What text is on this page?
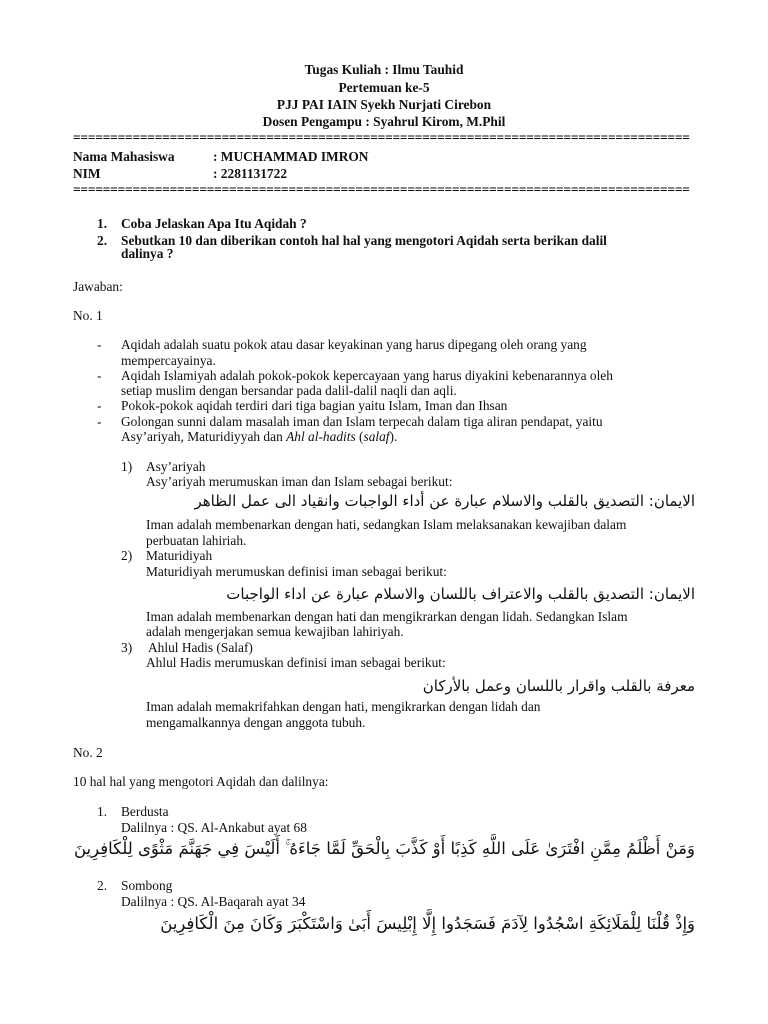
Tugas Kuliah : Ilmu Tauhid
Pertemuan ke-5
PJJ PAI IAIN Syekh Nurjati Cirebon
Dosen Pengampu : Syahrul Kirom, M.Phil
===================================================================================
Nama Mahasiswa	: MUCHAMMAD IMRON
NIM	: 2281131722
===================================================================================
1. Coba Jelaskan Apa Itu Aqidah ?
2. Sebutkan 10 dan diberikan contoh hal hal yang mengotori Aqidah serta berikan dalil
dalinya ?
Jawaban:
No. 1
- Aqidah adalah suatu pokok atau dasar keyakinan yang harus dipegang oleh orang yang
mempercayainya.
- Aqidah Islamiyah adalah pokok-pokok kepercayaan yang harus diyakini kebenarannya oleh
setiap muslim dengan bersandar pada dalil-dalil naqli dan aqli.
- Pokok-pokok aqidah terdiri dari tiga bagian yaitu Islam, Iman dan Ihsan
- Golongan sunni dalam masalah iman dan Islam terpecah dalam tiga aliran pendapat, yaitu
Asy’ariyah, Maturidiyyah dan Ahl al-hadits (salaf).
1) Asy’ariyah
Asy’ariyah merumuskan iman dan Islam sebagai berikut:
الايمان: التصديق بالقلب والاسلام عبارة عن أداء الواجبات وانقياد الى عمل الظاهر
Iman adalah membenarkan dengan hati, sedangkan Islam melaksanakan kewajiban dalam
perbuatan lahiriah.
2) Maturidiyah
Maturidiyah merumuskan definisi iman sebagai berikut:
الايمان: التصديق بالقلب والاعتراف باللسان والاسلام عبارة عن اداء الواجبات
Iman adalah membenarkan dengan hati dan mengikrarkan dengan lidah. Sedangkan Islam
adalah mengerjakan semua kewajiban lahiriyah.
3) Ahlul Hadis (Salaf)
Ahlul Hadis merumuskan definisi iman sebagai berikut:
معرفة بالقلب واقرار باللسان وعمل بالأركان
Iman adalah memakrifahkan dengan hati, mengikrarkan dengan lidah dan
mengamalkannya dengan anggota tubuh.
No. 2
10 hal hal yang mengotori Aqidah dan dalilnya:
1. Berdusta
Dalilnya : QS. Al-Ankabut ayat 68
وَمَنْ أَظْلَمُ مِمَّنِ افْتَرَىٰ عَلَى اللَّهِ كَذِبًا أَوْ كَذَّبَ بِالْحَقِّ لَمَّا جَاءَهُ ۚ أَلَيْسَ فِي جَهَنَّمَ مَثْوًى لِلْكَافِرِينَ
2. Sombong
Dalilnya : QS. Al-Baqarah ayat 34
وَإِذْ قُلْنَا لِلْمَلَائِكَةِ اسْجُدُوا لِآدَمَ فَسَجَدُوا إِلَّا إِبْلِيسَ أَبَىٰ وَاسْتَكْبَرَ وَكَانَ مِنَ الْكَافِرِينَ
